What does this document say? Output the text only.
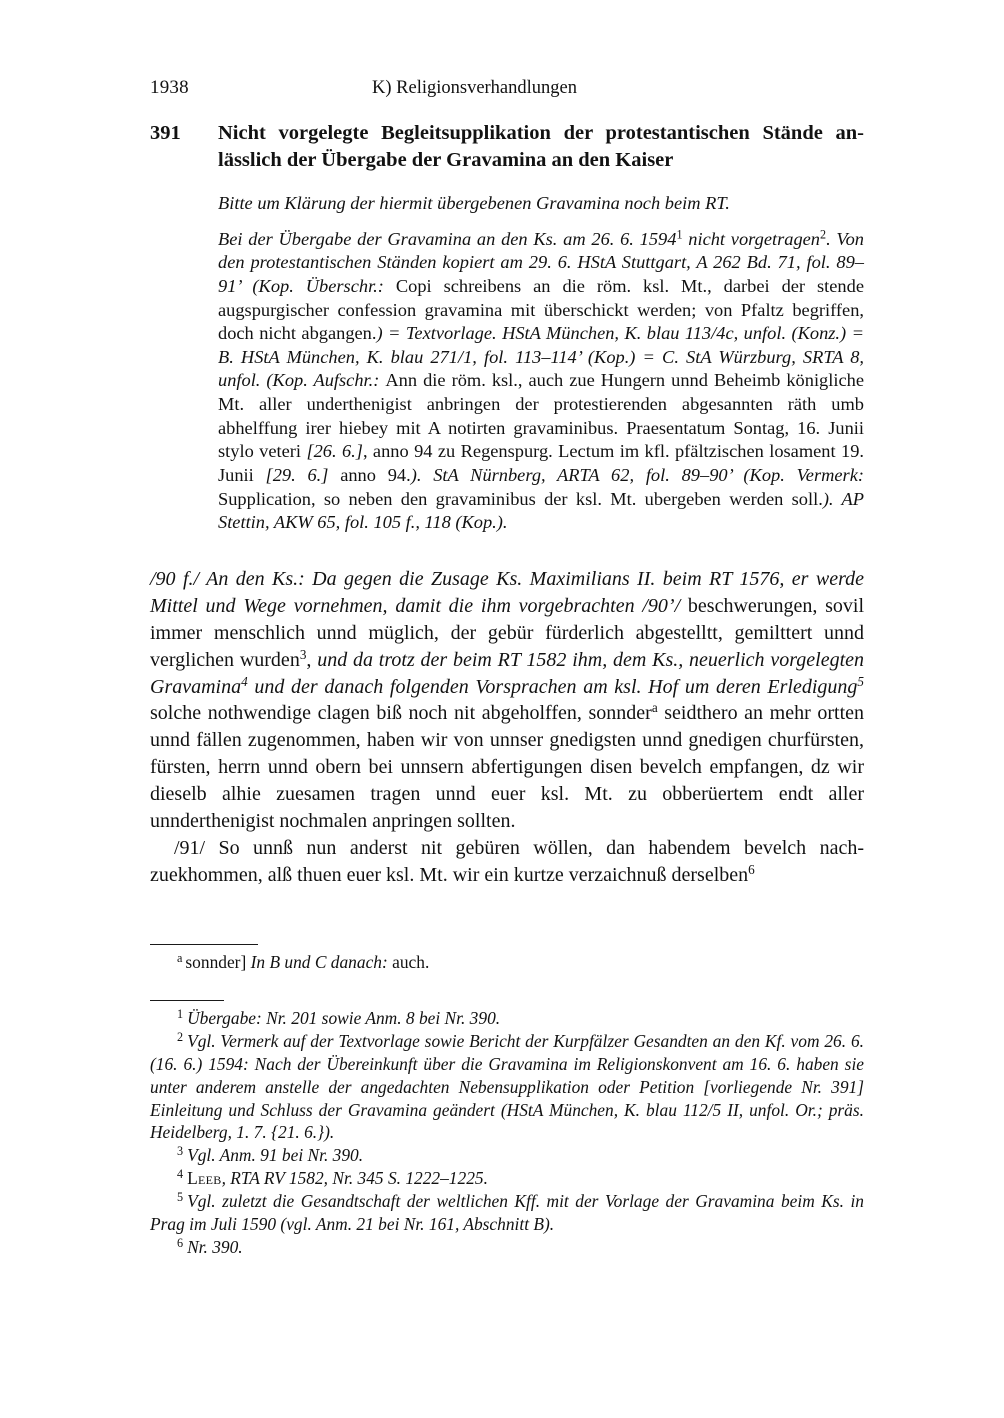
1938	K) Religionsverhandlungen
391	Nicht vorgelegte Begleitsupplikation der protestantischen Stände anlässlich der Übergabe der Gravamina an den Kaiser

Bitte um Klärung der hiermit übergebenen Gravamina noch beim RT.

Bei der Übergabe der Gravamina an den Ks. am 26. 6. 1594$^1$ nicht vorgetragen$^2$. Von den protestantischen Ständen kopiert am 29. 6. HStA Stuttgart, A 262 Bd. 71, fol. 89–91’ (Kop. Überschr.: Copi schreibens an die röm. ksl. Mt., darbei der stende augspurgischer confession gravamina mit überschickt werden; von Pfaltz begriffen, doch nicht abgangen.) = Textvorlage. HStA München, K. blau 113/4c, unfol. (Konz.) = B. HStA München, K. blau 271/1, fol. 113–114’ (Kop.) = C. StA Würzburg, SRTA 8, unfol. (Kop. Aufschr.: Ann die röm. ksl., auch zue Hungern unnd Beheimb königliche Mt. aller underthenigist anbringen der protestierenden abgesannten räth umb abhelffung irer hiebey mit A notirten gravaminibus. Praesentatum Sontag, 16. Junii stylo veteri [26. 6.], anno 94 zu Regenspurg. Lectum im kfl. pfältzischen losament 19. Junii [29. 6.] anno 94.). StA Nürnberg, ARTA 62, fol. 89–90’ (Kop. Vermerk: Supplication, so neben den gravaminibus der ksl. Mt. ubergeben werden soll.). AP Stettin, AKW 65, fol. 105 f., 118 (Kop.).

/90 f./ An den Ks.: Da gegen die Zusage Ks. Maximilians II. beim RT 1576, er werde Mittel und Wege vornehmen, damit die ihm vorgebrachten /90’/ beschwerungen, sovil immer menschlich unnd müglich, der gebür fürderlich abgestelltt, gemilttert unnd verglichen wurden$^3$, und da trotz der beim RT 1582 ihm, dem Ks., neuerlich vorgelegten Gravamina$^4$ und der danach folgenden Vorsprachen am ksl. Hof um deren Erledigung$^5$ solche nothwendige clagen biß noch nit abgeholffen, sonnder$^a$ seidthero an mehr ortten unnd fällen zugenommen, haben wir von unnser gnedigsten unnd gnedigen churfürsten, fürsten, herrn unnd obern bei unnsern abfertigungen disen bevelch empfangen, dz wir dieselb alhie zuesamen tragen unnd euer ksl. Mt. zu obberüertem endt aller unnderthenigist nochmalen anpringen sollten.

/91/ So unnß nun anderst nit gebüren wöllen, dan habendem bevelch nachzuekhommen, alß thuen euer ksl. Mt. wir ein kurtze verzaichnuß derselben$^6$

$^a$ sonnder] In B und C danach: auch.

$^1$ Übergabe: Nr. 201 sowie Anm. 8 bei Nr. 390.

$^2$ Vgl. Vermerk auf der Textvorlage sowie Bericht der Kurpfälzer Gesandten an den Kf. vom 26. 6. (16. 6.) 1594: Nach der Übereinkunft über die Gravamina im Religionskonvent am 16. 6. haben sie unter anderem anstelle der angedachten Nebensupplikation oder Petition [vorliegende Nr. 391] Einleitung und Schluss der Gravamina geändert (HStA München, K. blau 112/5 II, unfol. Or.; präs. Heidelberg, 1. 7. {21. 6.}).

$^3$ Vgl. Anm. 91 bei Nr. 390.

$^4$ Leeb, RTA RV 1582, Nr. 345 S. 1222–1225.

$^5$ Vgl. zuletzt die Gesandtschaft der weltlichen Kff. mit der Vorlage der Gravamina beim Ks. in Prag im Juli 1590 (vgl. Anm. 21 bei Nr. 161, Abschnitt B).

$^6$ Nr. 390.
